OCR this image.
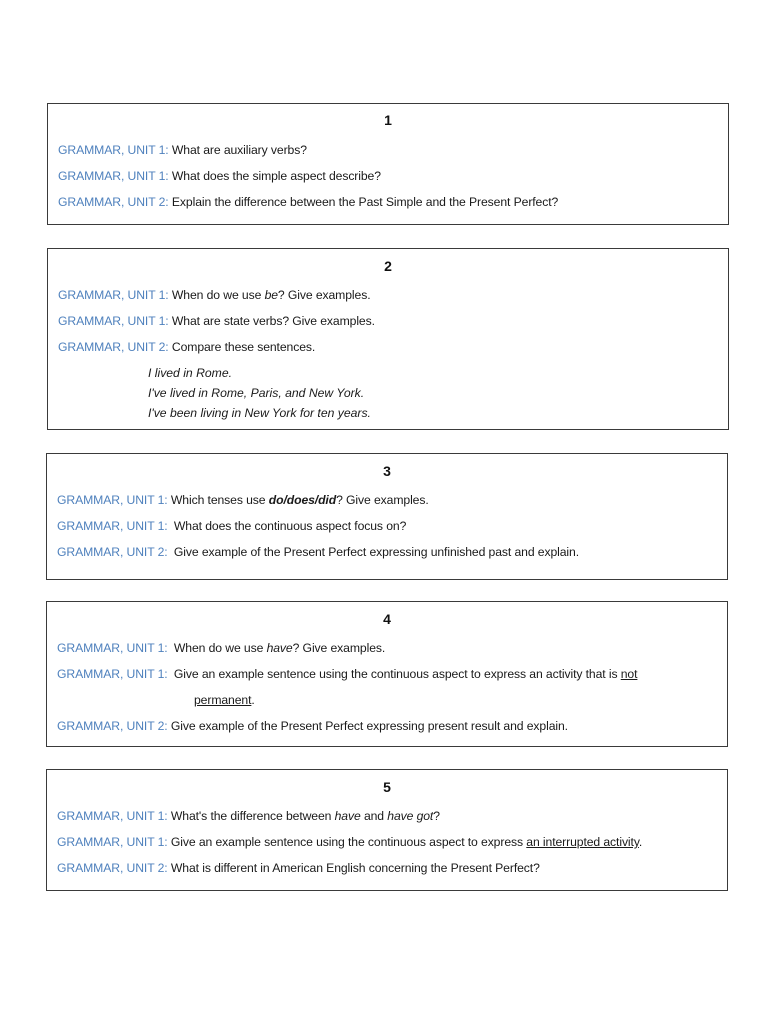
1
GRAMMAR, UNIT 1: What are auxiliary verbs?
GRAMMAR, UNIT 1: What does the simple aspect describe?
GRAMMAR, UNIT 2: Explain the difference between the Past Simple and the Present Perfect?
2
GRAMMAR, UNIT 1: When do we use be? Give examples.
GRAMMAR, UNIT 1: What are state verbs? Give examples.
GRAMMAR, UNIT 2: Compare these sentences.
I lived in Rome.
I've lived in Rome, Paris, and New York.
I've been living in New York for ten years.
3
GRAMMAR, UNIT 1: Which tenses use do/does/did? Give examples.
GRAMMAR, UNIT 1: What does the continuous aspect focus on?
GRAMMAR, UNIT 2: Give example of the Present Perfect expressing unfinished past and explain.
4
GRAMMAR, UNIT 1: When do we use have? Give examples.
GRAMMAR, UNIT 1: Give an example sentence using the continuous aspect to express an activity that is not
permanent.
GRAMMAR, UNIT 2: Give example of the Present Perfect expressing present result and explain.
5
GRAMMAR, UNIT 1: What's the difference between have and have got?
GRAMMAR, UNIT 1: Give an example sentence using the continuous aspect to express an interrupted activity.
GRAMMAR, UNIT 2: What is different in American English concerning the Present Perfect?
